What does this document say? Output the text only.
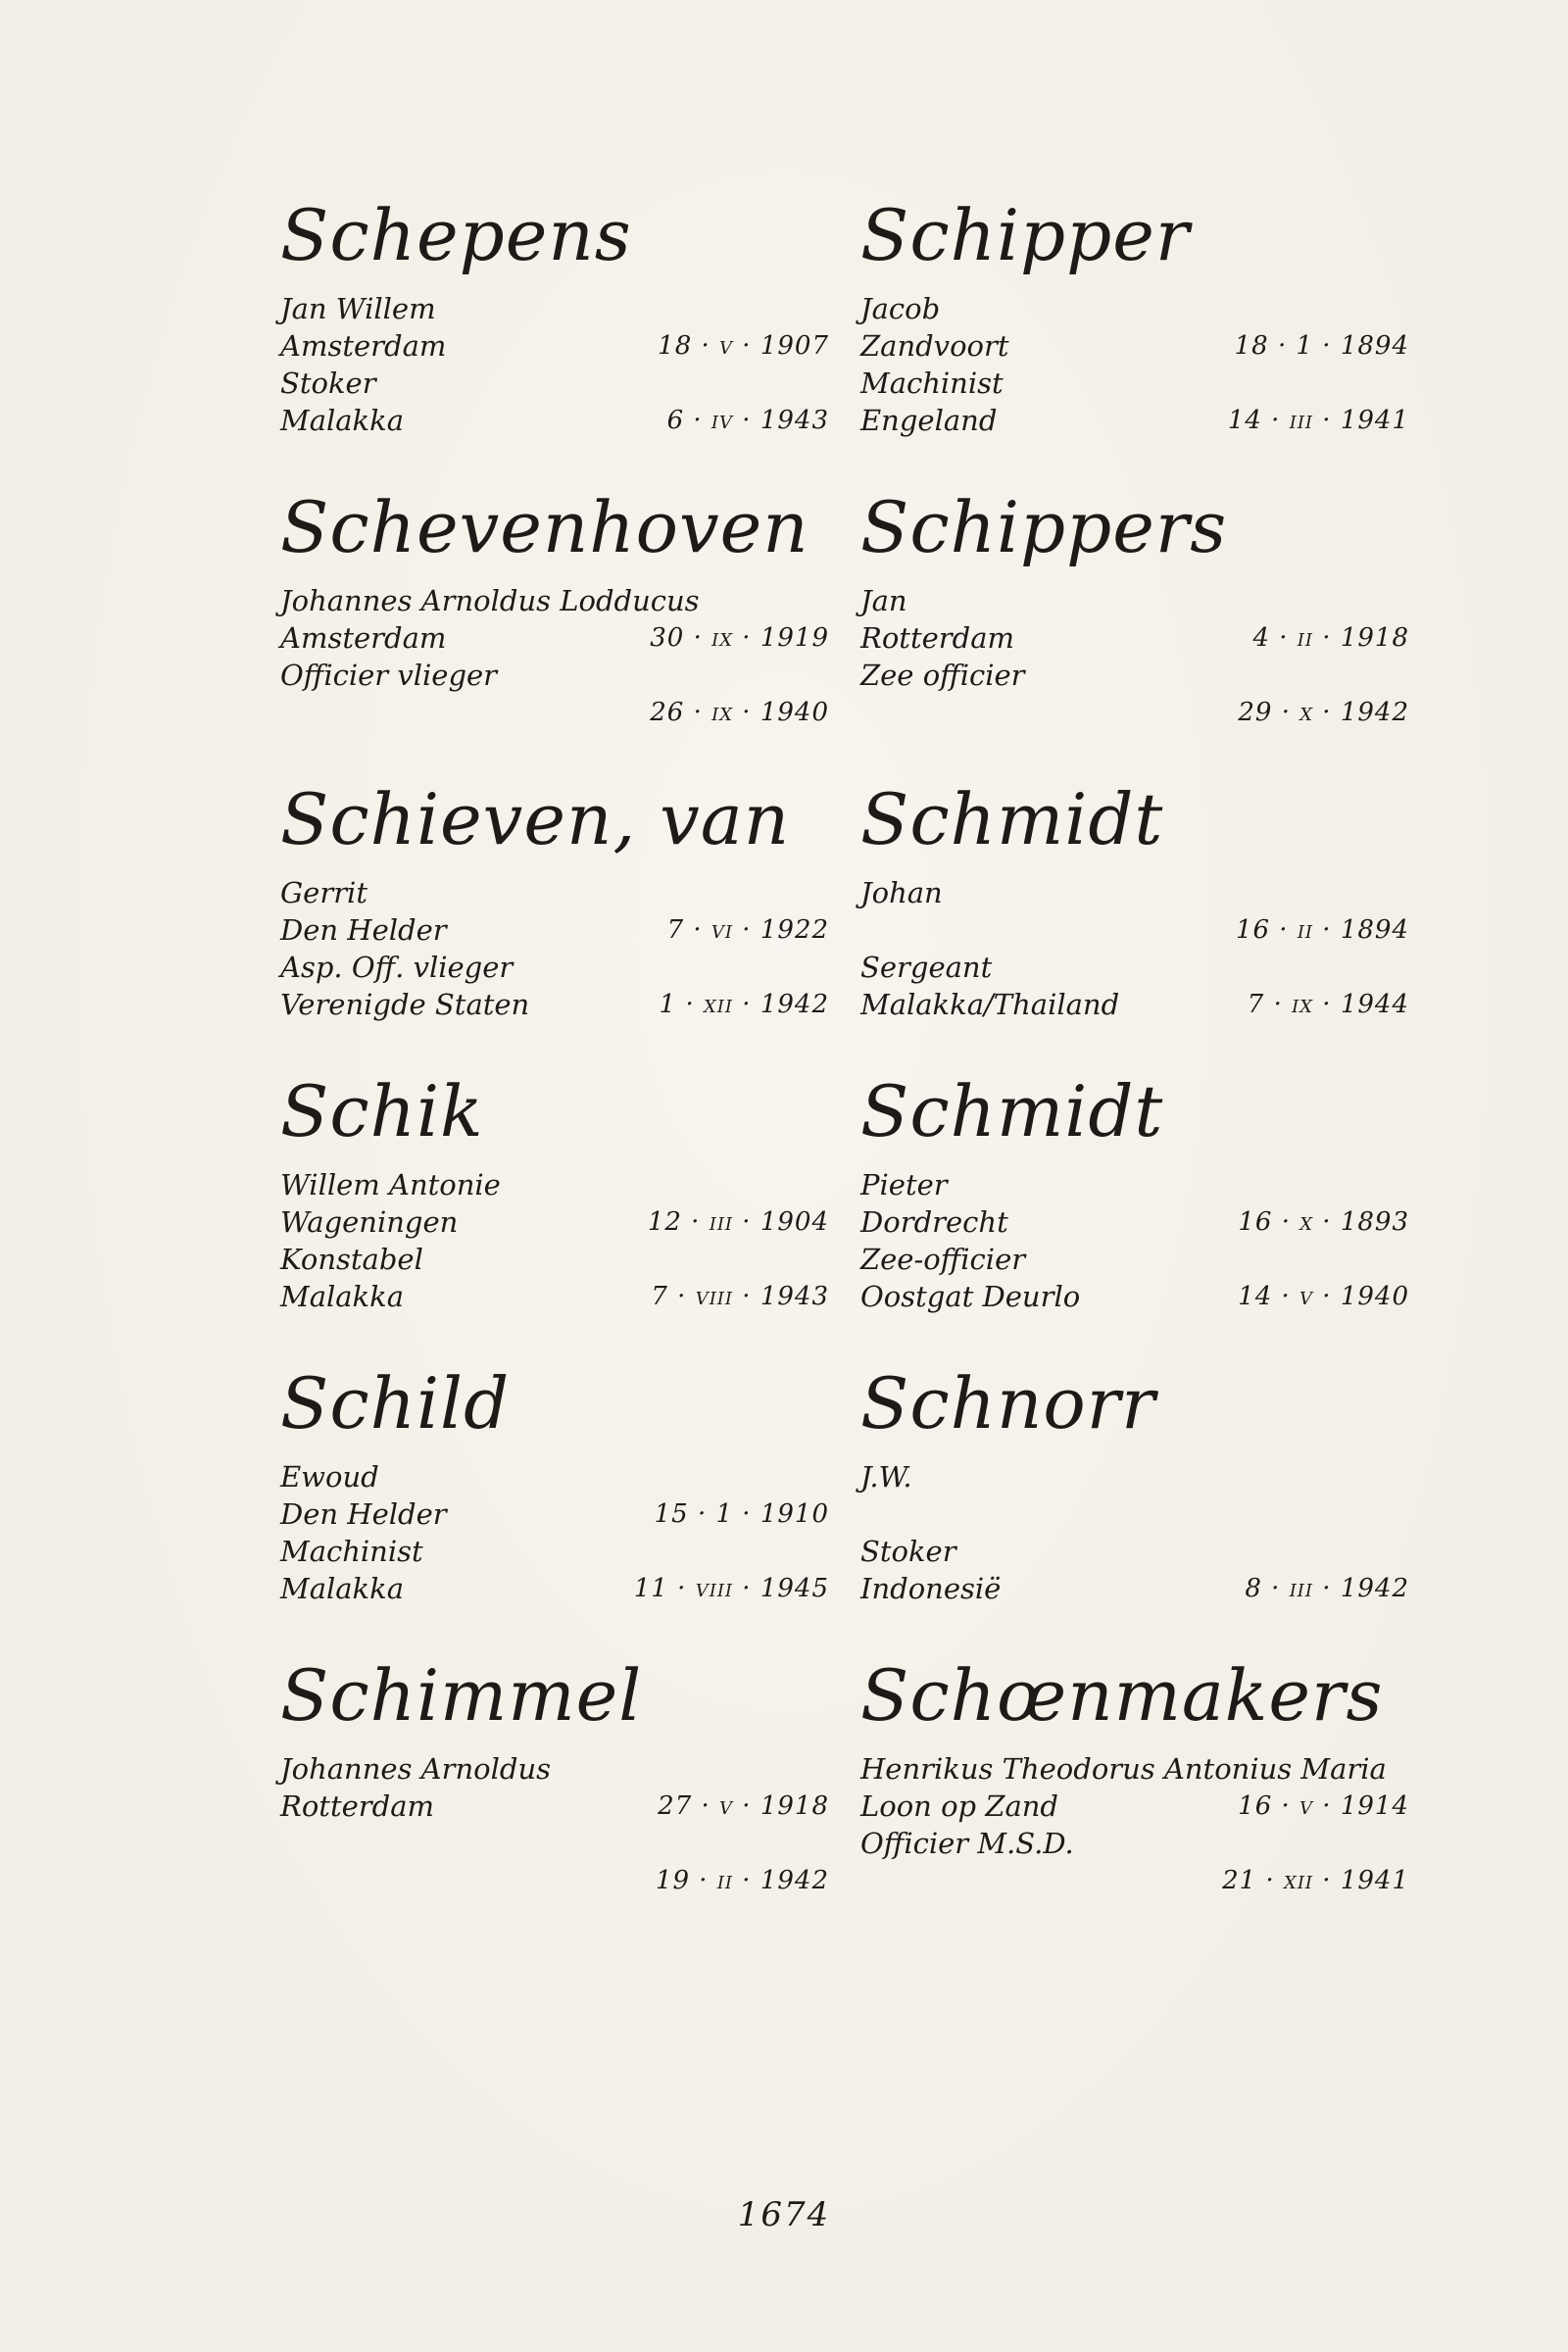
Schepens
Jan Willem
Amsterdam	18 · v · 1907
Stoker
Malakka	6 · iv · 1943
Schevenhoven
Johannes Arnoldus Lodducus
Amsterdam	30 · ix · 1919
Officier vlieger
26 · ix · 1940
Schieven, van
Gerrit
Den Helder	7 · vi · 1922
Asp. Off. vlieger
Verenigde Staten	1 · xii · 1942
Schik
Willem Antonie
Wageningen	12 · iii · 1904
Konstabel
Malakka	7 · viii · 1943
Schild
Ewoud
Den Helder	15 · 1 · 1910
Machinist
Malakka	11 · viii · 1945
Schimmel
Johannes Arnoldus
Rotterdam	27 · v · 1918
19 · ii · 1942
Schipper
Jacob
Zandvoort	18 · 1 · 1894
Machinist
Engeland	14 · iii · 1941
Schippers
Jan
Rotterdam	4 · ii · 1918
Zee officier
29 · x · 1942
Schmidt
Johan
16 · ii · 1894
Sergeant
Malakka/Thailand	7 · ix · 1944
Schmidt
Pieter
Dordrecht	16 · x · 1893
Zee-officier
Oostgat Deurlo	14 · v · 1940
Schnorr
J.W.
Stoker
Indonesië	8 · iii · 1942
Schœnmakers
Henrikus Theodorus Antonius Maria
Loon op Zand	16 · v · 1914
Officier M.S.D.
21 · xii · 1941
1674
